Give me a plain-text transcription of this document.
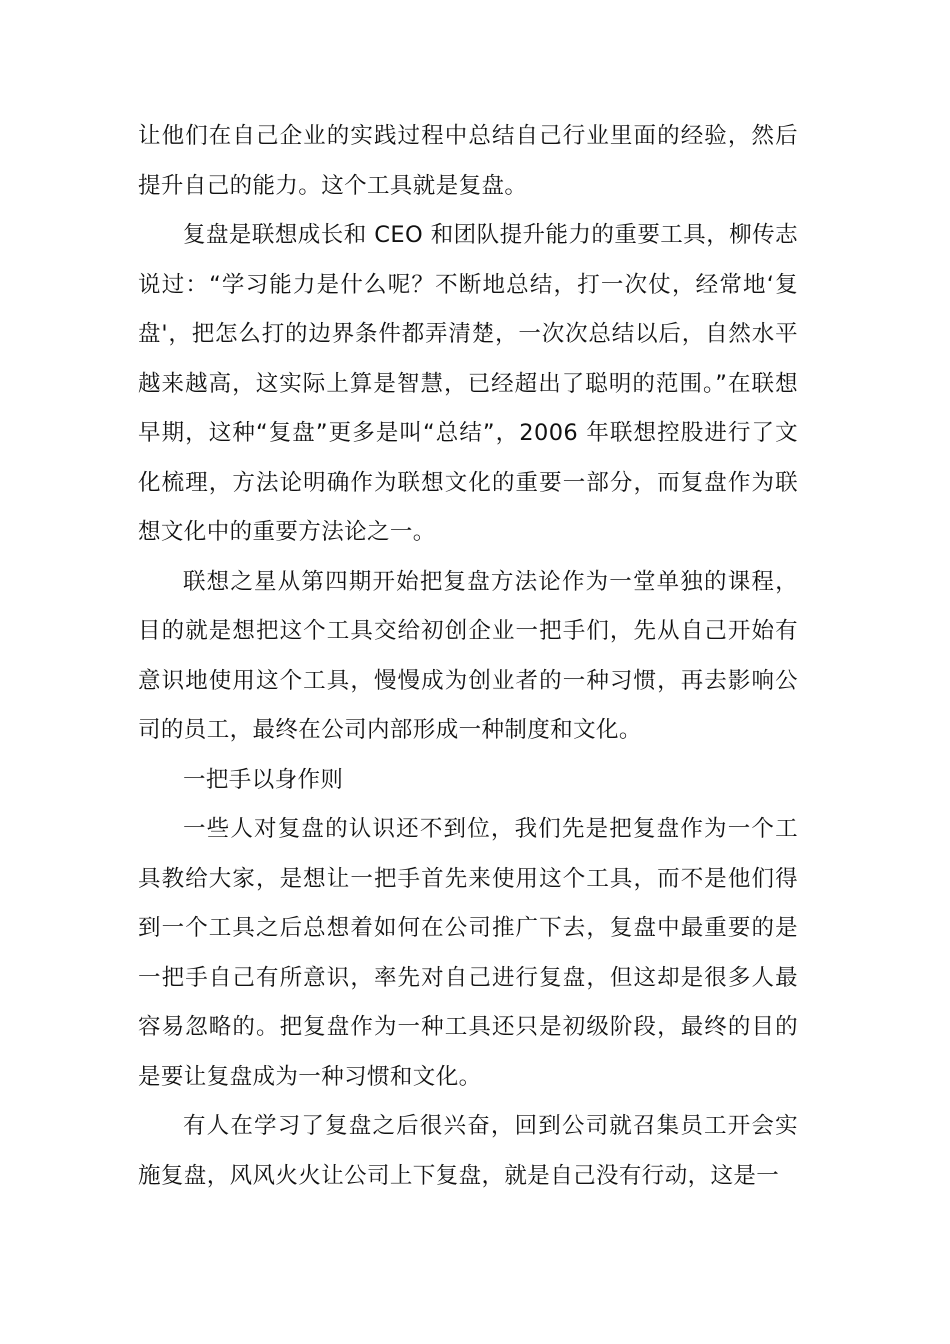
让他们在自己企业的实践过程中总结自己行业里面的经验，然后提升自己的能力。这个工具就是复盘。

复盘是联想成长和 CEO 和团队提升能力的重要工具，柳传志说过：“学习能力是什么呢？不断地总结，打一次仗，经常地‘复盘'，把怎么打的边界条件都弄清楚，一次次总结以后，自然水平越来越高，这实际上算是智慧，已经超出了聪明的范围。”在联想早期，这种“复盘”更多是叫“总结”，2006 年联想控股进行了文化梳理，方法论明确作为联想文化的重要一部分，而复盘作为联想文化中的重要方法论之一。

联想之星从第四期开始把复盘方法论作为一堂单独的课程，目的就是想把这个工具交给初创企业一把手们，先从自己开始有意识地使用这个工具，慢慢成为创业者的一种习惯，再去影响公司的员工，最终在公司内部形成一种制度和文化。

一把手以身作则

一些人对复盘的认识还不到位，我们先是把复盘作为一个工具教给大家，是想让一把手首先来使用这个工具，而不是他们得到一个工具之后总想着如何在公司推广下去，复盘中最重要的是一把手自己有所意识，率先对自己进行复盘，但这却是很多人最容易忽略的。把复盘作为一种工具还只是初级阶段，最终的目的是要让复盘成为一种习惯和文化。

有人在学习了复盘之后很兴奋，回到公司就召集员工开会实施复盘，风风火火让公司上下复盘，就是自己没有行动，这是一
